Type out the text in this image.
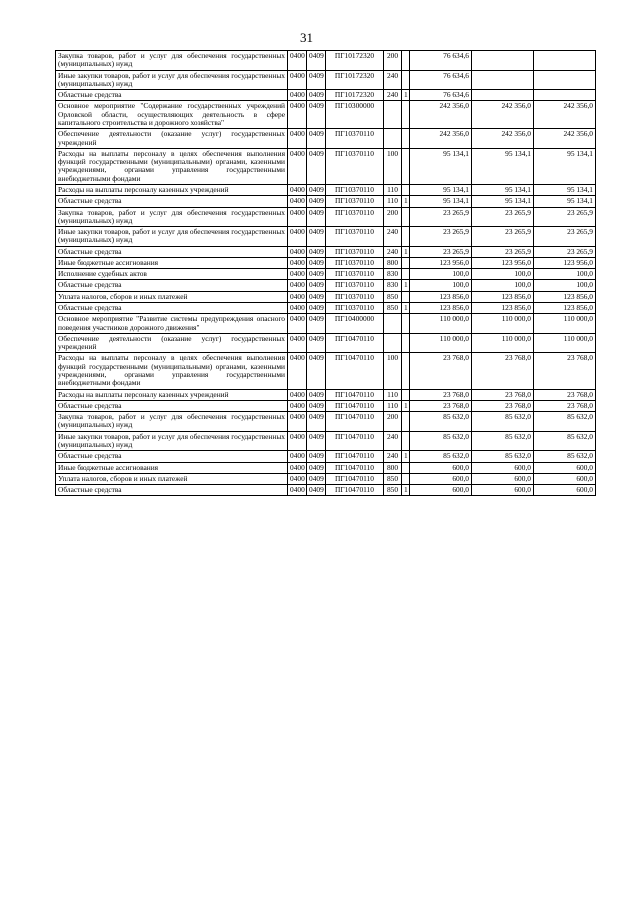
31
Закупка товаров, работ и услуг для обеспечения государственных (муниципальных) нужд	0400	0409	ПГ10172320	200		76 634,6		
Иные закупки товаров, работ и услуг для обеспечения государственных (муниципальных) нужд	0400	0409	ПГ10172320	240		76 634,6		
Областные средства	0400	0409	ПГ10172320	240	1	76 634,6		
Основное мероприятие "Содержание государственных учреждений Орловской области, осуществляющих деятельность в сфере капитального строительства и дорожного хозяйства"	0400	0409	ПГ10300000			242 356,0	242 356,0	242 356,0
Обеспечение деятельности (оказание услуг) государственных учреждений	0400	0409	ПГ10370110			242 356,0	242 356,0	242 356,0
Расходы на выплаты персоналу в целях обеспечения выполнения функций государственными (муниципальными) органами, казенными учреждениями, органами управления государственными внебюджетными фондами	0400	0409	ПГ10370110	100		95 134,1	95 134,1	95 134,1
Расходы на выплаты персоналу казенных учреждений	0400	0409	ПГ10370110	110		95 134,1	95 134,1	95 134,1
Областные средства	0400	0409	ПГ10370110	110	1	95 134,1	95 134,1	95 134,1
Закупка товаров, работ и услуг для обеспечения государственных (муниципальных) нужд	0400	0409	ПГ10370110	200		23 265,9	23 265,9	23 265,9
Иные закупки товаров, работ и услуг для обеспечения государственных (муниципальных) нужд	0400	0409	ПГ10370110	240		23 265,9	23 265,9	23 265,9
Областные средства	0400	0409	ПГ10370110	240	1	23 265,9	23 265,9	23 265,9
Иные бюджетные ассигнования	0400	0409	ПГ10370110	800		123 956,0	123 956,0	123 956,0
Исполнение судебных актов	0400	0409	ПГ10370110	830		100,0	100,0	100,0
Областные средства	0400	0409	ПГ10370110	830	1	100,0	100,0	100,0
Уплата налогов, сборов и иных платежей	0400	0409	ПГ10370110	850		123 856,0	123 856,0	123 856,0
Областные средства	0400	0409	ПГ10370110	850	1	123 856,0	123 856,0	123 856,0
Основное мероприятие "Развитие системы предупреждения опасного поведения участников дорожного движения"	0400	0409	ПГ10400000			110 000,0	110 000,0	110 000,0
Обеспечение деятельности (оказание услуг) государственных учреждений	0400	0409	ПГ10470110			110 000,0	110 000,0	110 000,0
Расходы на выплаты персоналу в целях обеспечения выполнения функций государственными (муниципальными) органами, казенными учреждениями, органами управления государственными внебюджетными фондами	0400	0409	ПГ10470110	100		23 768,0	23 768,0	23 768,0
Расходы на выплаты персоналу казенных учреждений	0400	0409	ПГ10470110	110		23 768,0	23 768,0	23 768,0
Областные средства	0400	0409	ПГ10470110	110	1	23 768,0	23 768,0	23 768,0
Закупка товаров, работ и услуг для обеспечения государственных (муниципальных) нужд	0400	0409	ПГ10470110	200		85 632,0	85 632,0	85 632,0
Иные закупки товаров, работ и услуг для обеспечения государственных (муниципальных) нужд	0400	0409	ПГ10470110	240		85 632,0	85 632,0	85 632,0
Областные средства	0400	0409	ПГ10470110	240	1	85 632,0	85 632,0	85 632,0
Иные бюджетные ассигнования	0400	0409	ПГ10470110	800		600,0	600,0	600,0
Уплата налогов, сборов и иных платежей	0400	0409	ПГ10470110	850		600,0	600,0	600,0
Областные средства	0400	0409	ПГ10470110	850	1	600,0	600,0	600,0
